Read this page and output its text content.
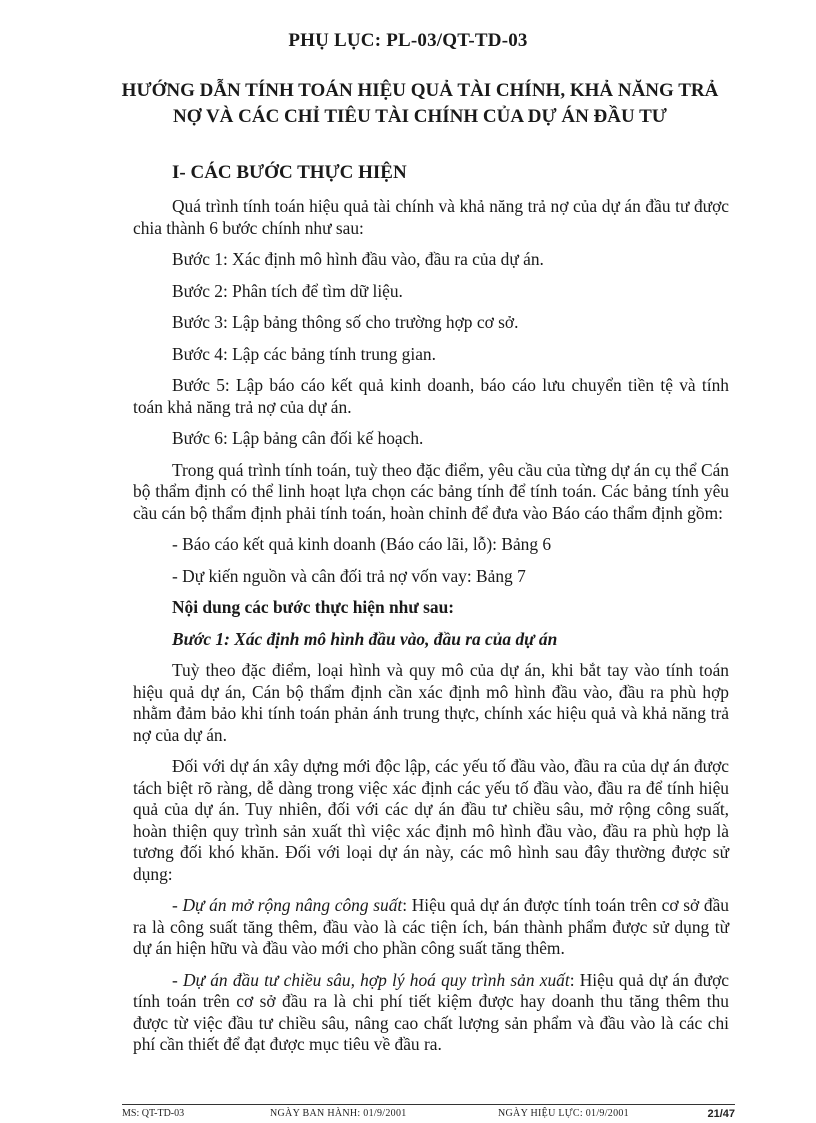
PHỤ LỤC: PL-03/QT-TD-03
HƯỚNG DẪN TÍNH TOÁN HIỆU QUẢ TÀI CHÍNH, KHẢ NĂNG TRẢ NỢ VÀ CÁC CHỈ TIÊU TÀI CHÍNH CỦA DỰ ÁN ĐẦU TƯ
I- CÁC BƯỚC THỰC HIỆN

Quá trình tính toán hiệu quả tài chính và khả năng trả nợ của dự án đầu tư được chia thành 6 bước chính như sau:

Bước 1: Xác định mô hình đầu vào, đầu ra của dự án.

Bước 2: Phân tích để tìm dữ liệu.

Bước 3: Lập bảng thông số cho trường hợp cơ sở.

Bước 4: Lập các bảng tính trung gian.

Bước 5: Lập báo cáo kết quả kinh doanh, báo cáo lưu chuyển tiền tệ và tính toán khả năng trả nợ của dự án.

Bước 6: Lập bảng cân đối kế hoạch.

Trong quá trình tính toán, tuỳ theo đặc điểm, yêu cầu của từng dự án cụ thể Cán bộ thẩm định có thể linh hoạt lựa chọn các bảng tính để tính toán. Các bảng tính yêu cầu cán bộ thẩm định phải tính toán, hoàn chỉnh để đưa vào Báo cáo thẩm định gồm:

- Báo cáo kết quả kinh doanh (Báo cáo lãi, lỗ): Bảng 6

- Dự kiến nguồn và cân đối trả nợ vốn vay: Bảng 7

Nội dung các bước thực hiện như sau:

Bước 1: Xác định mô hình đầu vào, đầu ra của dự án

Tuỳ theo đặc điểm, loại hình và quy mô của dự án, khi bắt tay vào tính toán hiệu quả dự án, Cán bộ thẩm định cần xác định mô hình đầu vào, đầu ra phù hợp nhằm đảm bảo khi tính toán phản ánh trung thực, chính xác hiệu quả và khả năng trả nợ của dự án.

Đối với dự án xây dựng mới độc lập, các yếu tố đầu vào, đầu ra của dự án được tách biệt rõ ràng, dễ dàng trong việc xác định các yếu tố đầu vào, đầu ra để tính hiệu quả của dự án. Tuy nhiên, đối với các dự án đầu tư chiều sâu, mở rộng công suất, hoàn thiện quy trình sản xuất thì việc xác định mô hình đầu vào, đầu ra phù hợp là tương đối khó khăn. Đối với loại dự án này, các mô hình sau đây thường được sử dụng:

- Dự án mở rộng nâng công suất: Hiệu quả dự án được tính toán trên cơ sở đầu ra là công suất tăng thêm, đầu vào là các tiện ích, bán thành phẩm được sử dụng từ dự án hiện hữu và đầu vào mới cho phần công suất tăng thêm.

- Dự án đầu tư chiều sâu, hợp lý hoá quy trình sản xuất: Hiệu quả dự án được tính toán trên cơ sở đầu ra là chi phí tiết kiệm được hay doanh thu tăng thêm thu được từ việc đầu tư chiều sâu, nâng cao chất lượng sản phẩm và đầu vào là các chi phí cần thiết để đạt được mục tiêu về đầu ra.

MS: QT-TD-03	NGÀY BAN HÀNH: 01/9/2001	NGÀY HIỆU LỰC: 01/9/2001	21/47
